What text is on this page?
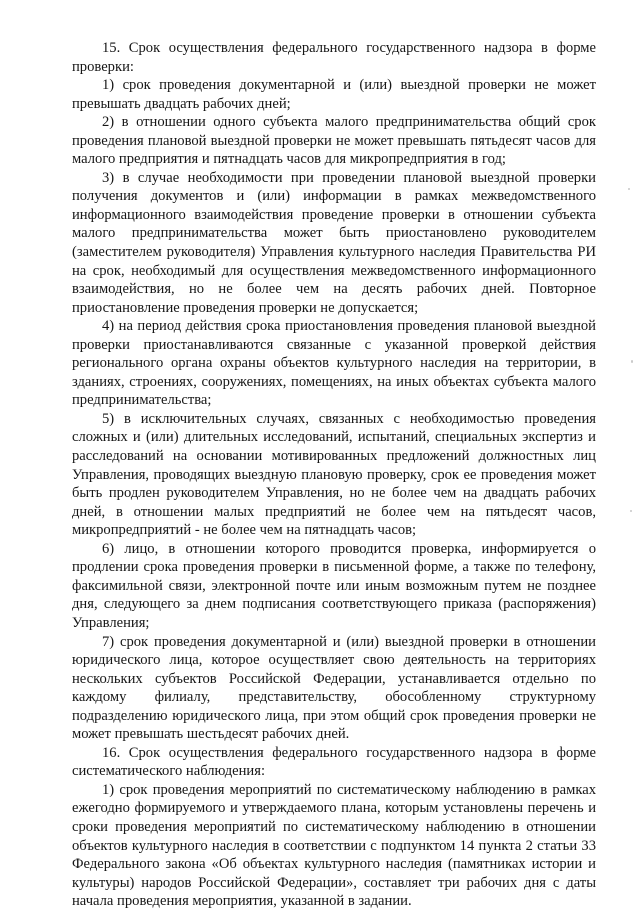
15. Срок осуществления федерального государственного надзора в форме проверки:

1) срок проведения документарной и (или) выездной проверки не может превышать двадцать рабочих дней;

2) в отношении одного субъекта малого предпринимательства общий срок проведения плановой выездной проверки не может превышать пятьдесят часов для малого предприятия и пятнадцать часов для микропредприятия в год;

3) в случае необходимости при проведении плановой выездной проверки получения документов и (или) информации в рамках межведомственного информационного взаимодействия проведение проверки в отношении субъекта малого предпринимательства может быть приостановлено руководителем (заместителем руководителя) Управления культурного наследия Правительства РИ на срок, необходимый для осуществления межведомственного информационного взаимодействия, но не более чем на десять рабочих дней. Повторное приостановление проведения проверки не допускается;

4) на период действия срока приостановления проведения плановой выездной проверки приостанавливаются связанные с указанной проверкой действия регионального органа охраны объектов культурного наследия на территории, в зданиях, строениях, сооружениях, помещениях, на иных объектах субъекта малого предпринимательства;

5) в исключительных случаях, связанных с необходимостью проведения сложных и (или) длительных исследований, испытаний, специальных экспертиз и расследований на основании мотивированных предложений должностных лиц Управления, проводящих выездную плановую проверку, срок ее проведения может быть продлен руководителем Управления, но не более чем на двадцать рабочих дней, в отношении малых предприятий не более чем на пятьдесят часов, микропредприятий - не более чем на пятнадцать часов;

6) лицо, в отношении которого проводится проверка, информируется о продлении срока проведения проверки в письменной форме, а также по телефону, факсимильной связи, электронной почте или иным возможным путем не позднее дня, следующего за днем подписания соответствующего приказа (распоряжения) Управления;

7) срок проведения документарной и (или) выездной проверки в отношении юридического лица, которое осуществляет свою деятельность на территориях нескольких субъектов Российской Федерации, устанавливается отдельно по каждому филиалу, представительству, обособленному структурному подразделению юридического лица, при этом общий срок проведения проверки не может превышать шестьдесят рабочих дней.

16. Срок осуществления федерального государственного надзора в форме систематического наблюдения:

1) срок проведения мероприятий по систематическому наблюдению в рамках ежегодно формируемого и утверждаемого плана, которым установлены перечень и сроки проведения мероприятий по систематическому наблюдению в отношении объектов культурного наследия в соответствии с подпунктом 14 пункта 2 статьи 33 Федерального закона «Об объектах культурного наследия (памятниках истории и культуры) народов Российской Федерации», составляет три рабочих дня с даты начала проведения мероприятия, указанной в задании.
